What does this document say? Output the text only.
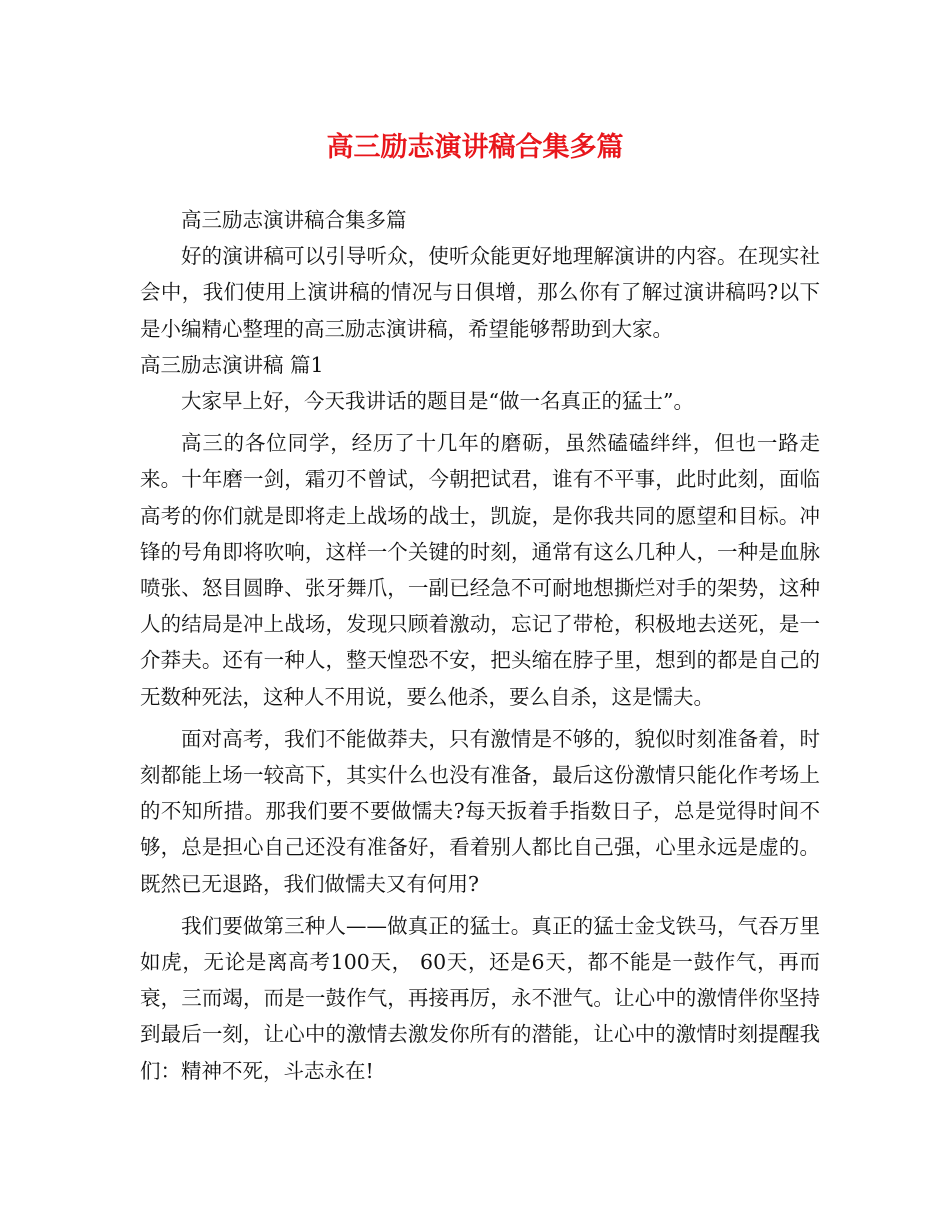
高三励志演讲稿合集多篇

高三励志演讲稿合集多篇

好的演讲稿可以引导听众，使听众能更好地理解演讲的内容。在现实社会中，我们使用上演讲稿的情况与日俱增，那么你有了解过演讲稿吗?以下是小编精心整理的高三励志演讲稿，希望能够帮助到大家。

高三励志演讲稿 篇1

大家早上好，今天我讲话的题目是“做一名真正的猛士”。

高三的各位同学，经历了十几年的磨砺，虽然磕磕绊绊，但也一路走来。十年磨一剑，霜刃不曾试，今朝把试君，谁有不平事，此时此刻，面临高考的你们就是即将走上战场的战士，凯旋，是你我共同的愿望和目标。冲锋的号角即将吹响，这样一个关键的时刻，通常有这么几种人，一种是血脉喷张、怒目圆睁、张牙舞爪，一副已经急不可耐地想撕烂对手的架势，这种人的结局是冲上战场，发现只顾着激动，忘记了带枪，积极地去送死，是一介莽夫。还有一种人，整天惶恐不安，把头缩在脖子里，想到的都是自己的无数种死法，这种人不用说，要么他杀，要么自杀，这是懦夫。

面对高考，我们不能做莽夫，只有激情是不够的，貌似时刻准备着，时刻都能上场一较高下，其实什么也没有准备，最后这份激情只能化作考场上的不知所措。那我们要不要做懦夫?每天扳着手指数日子，总是觉得时间不够，总是担心自己还没有准备好，看着别人都比自己强，心里永远是虚的。既然已无退路，我们做懦夫又有何用?

我们要做第三种人——做真正的猛士。真正的猛士金戈铁马，气吞万里如虎，无论是离高考100天， 60天，还是6天，都不能是一鼓作气，再而衰，三而竭，而是一鼓作气，再接再厉，永不泄气。让心中的激情伴你坚持到最后一刻，让心中的激情去激发你所有的潜能，让心中的激情时刻提醒我们：精神不死，斗志永在!
